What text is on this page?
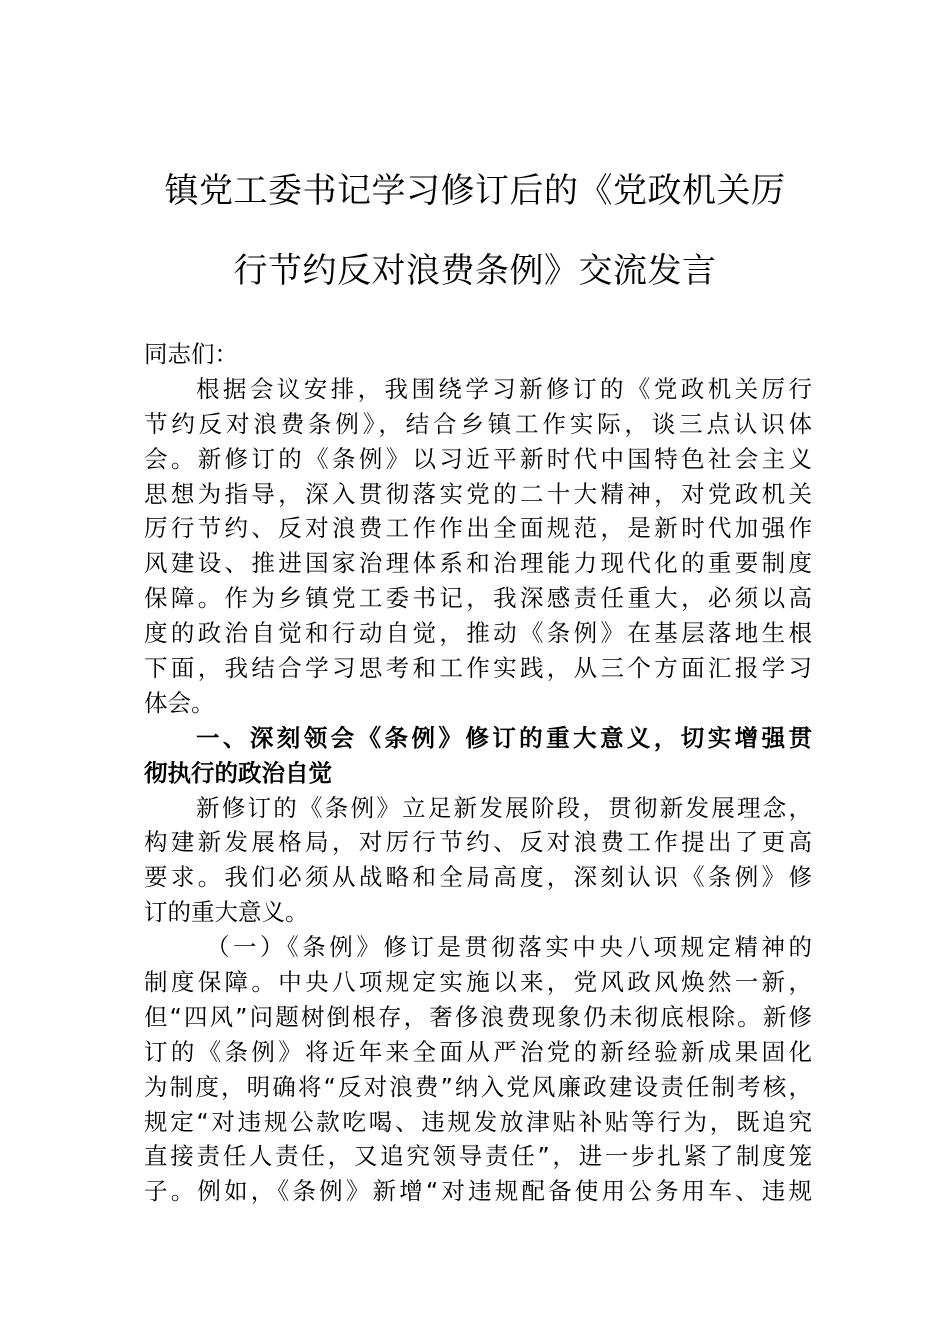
镇党工委书记学习修订后的《党政机关厉
行节约反对浪费条例》交流发言
同志们：
根据会议安排，我围绕学习新修订的《党政机关厉行
节约反对浪费条例》，结合乡镇工作实际，谈三点认识体
会。新修订的《条例》以习近平新时代中国特色社会主义
思想为指导，深入贯彻落实党的二十大精神，对党政机关
厉行节约、反对浪费工作作出全面规范，是新时代加强作
风建设、推进国家治理体系和治理能力现代化的重要制度
保障。作为乡镇党工委书记，我深感责任重大，必须以高
度的政治自觉和行动自觉，推动《条例》在基层落地生根
下面，我结合学习思考和工作实践，从三个方面汇报学习
体会。
一、深刻领会《条例》修订的重大意义，切实增强贯
彻执行的政治自觉
新修订的《条例》立足新发展阶段，贯彻新发展理念，
构建新发展格局，对厉行节约、反对浪费工作提出了更高
要求。我们必须从战略和全局高度，深刻认识《条例》修
订的重大意义。
（一）《条例》修订是贯彻落实中央八项规定精神的
制度保障。中央八项规定实施以来，党风政风焕然一新，
但“四风”问题树倒根存，奢侈浪费现象仍未彻底根除。新修
订的《条例》将近年来全面从严治党的新经验新成果固化
为制度，明确将“反对浪费”纳入党风廉政建设责任制考核，
规定“对违规公款吃喝、违规发放津贴补贴等行为，既追究
直接责任人责任，又追究领导责任”，进一步扎紧了制度笼
子。例如，《条例》新增“对违规配备使用公务用车、违规
